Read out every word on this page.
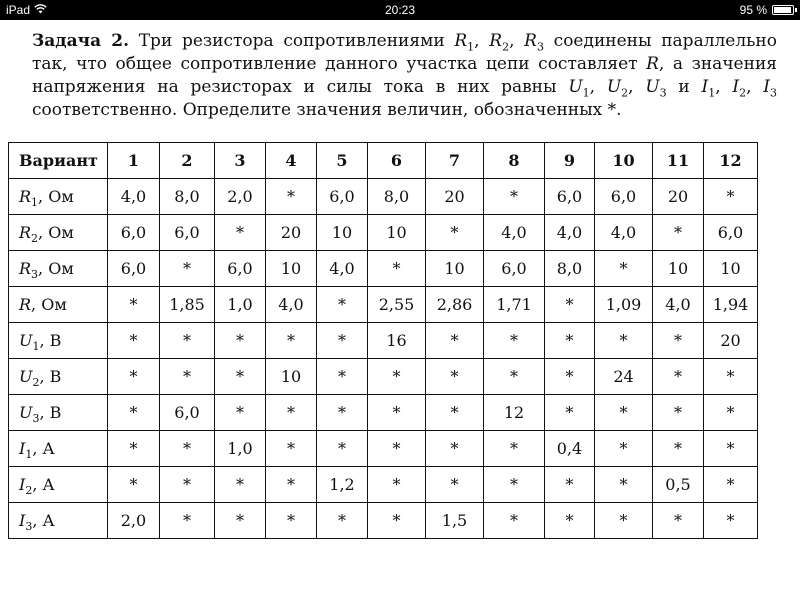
iPad	20:23	95 %
Задача 2. Три резистора сопротивлениями $R_1$, $R_2$, $R_3$ соединены параллельно так, что общее сопротивление данного участка цепи составляет R, а значения напряжения на резисторах и силы тока в них равны $U_1$, $U_2$, $U_3$ и $I_1$, $I_2$, $I_3$ соответственно. Определите значения величин, обозначенных *.
Вариант	1	2	3	4	5	6	7	8	9	10	11	12
$R_1$, Ом	4,0	8,0	2,0	*	6,0	8,0	20	*	6,0	6,0	20	*
$R_2$, Ом	6,0	6,0	*	20	10	10	*	4,0	4,0	4,0	*	6,0
$R_3$, Ом	6,0	*	6,0	10	4,0	*	10	6,0	8,0	*	10	10
R, Ом	*	1,85	1,0	4,0	*	2,55	2,86	1,71	*	1,09	4,0	1,94
$U_1$, В	*	*	*	*	*	16	*	*	*	*	*	20
$U_2$, В	*	*	*	10	*	*	*	*	*	24	*	*
$U_3$, В	*	6,0	*	*	*	*	*	12	*	*	*	*
$I_1$, А	*	*	1,0	*	*	*	*	*	0,4	*	*	*
$I_2$, А	*	*	*	*	1,2	*	*	*	*	*	0,5	*
$I_3$, А	2,0	*	*	*	*	*	1,5	*	*	*	*	*
